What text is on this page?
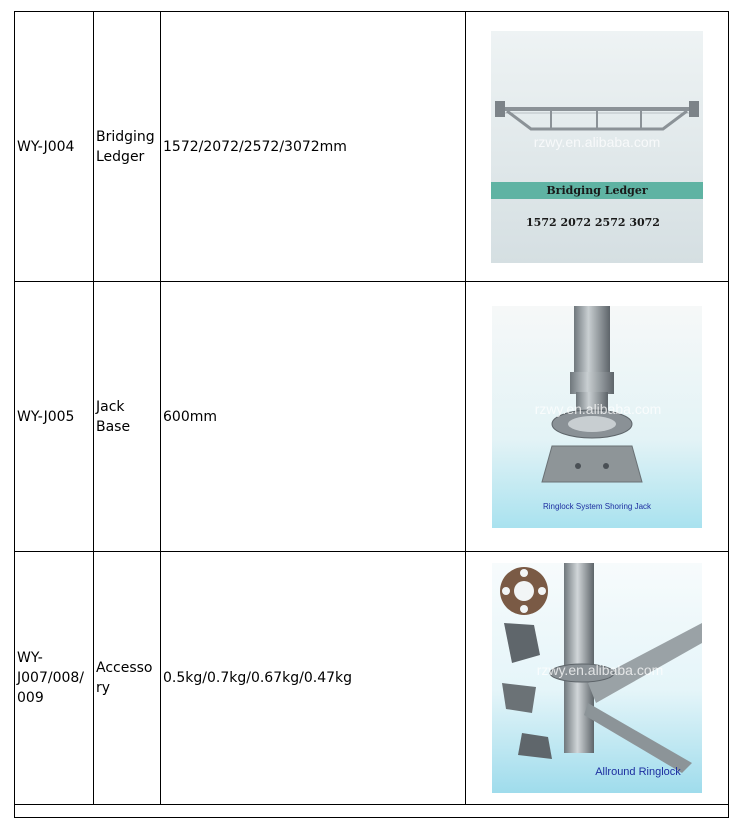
WY-J004	Bridging Ledger	1572/2072/2572/3072mm	rzwy.en.alibaba.com
Bridging Ledger
1572 2072 2572 3072

WY-J005	Jack Base	600mm	rzwy.en.alibaba.com
Ringlock System Shoring Jack

WY-J007/008/009	Accessory	0.5kg/0.7kg/0.67kg/0.47kg	rzwy.en.alibaba.com
Allround Ringlock
